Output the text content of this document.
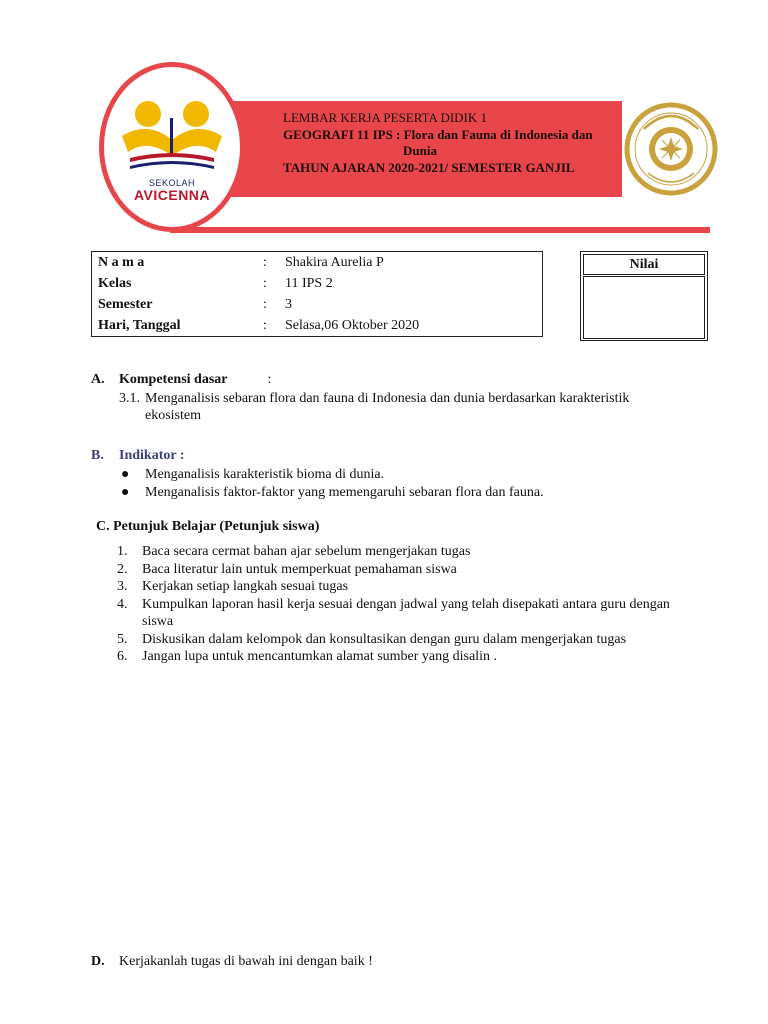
SEKOLAH
AVICENNA
LEMBAR KERJA PESERTA DIDIK 1
GEOGRAFI 11 IPS : Flora dan Fauna di Indonesia dan
Dunia
TAHUN AJARAN 2020-2021/ SEMESTER GANJIL
N a m a	:	Shakira Aurelia P
Kelas	:	11 IPS 2
Semester	:	3
Hari, Tanggal	:	Selasa,06 Oktober 2020
Nilai
A. Kompetensi dasar	:
3.1. Menganalisis sebaran flora dan fauna di Indonesia dan dunia berdasarkan karakteristik
ekosistem
B. Indikator :
● Menganalisis karakteristik bioma di dunia.
● Menganalisis faktor-faktor yang memengaruhi sebaran flora dan fauna.
C. Petunjuk Belajar (Petunjuk siswa)
1. Baca secara cermat bahan ajar sebelum mengerjakan tugas
2. Baca literatur lain untuk memperkuat pemahaman siswa
3. Kerjakan setiap langkah sesuai tugas
4. Kumpulkan laporan hasil kerja sesuai dengan jadwal yang telah disepakati antara guru dengan siswa
5. Diskusikan dalam kelompok dan konsultasikan dengan guru dalam mengerjakan tugas
6. Jangan lupa untuk mencantumkan alamat sumber yang disalin .
D. Kerjakanlah tugas di bawah ini dengan baik !
